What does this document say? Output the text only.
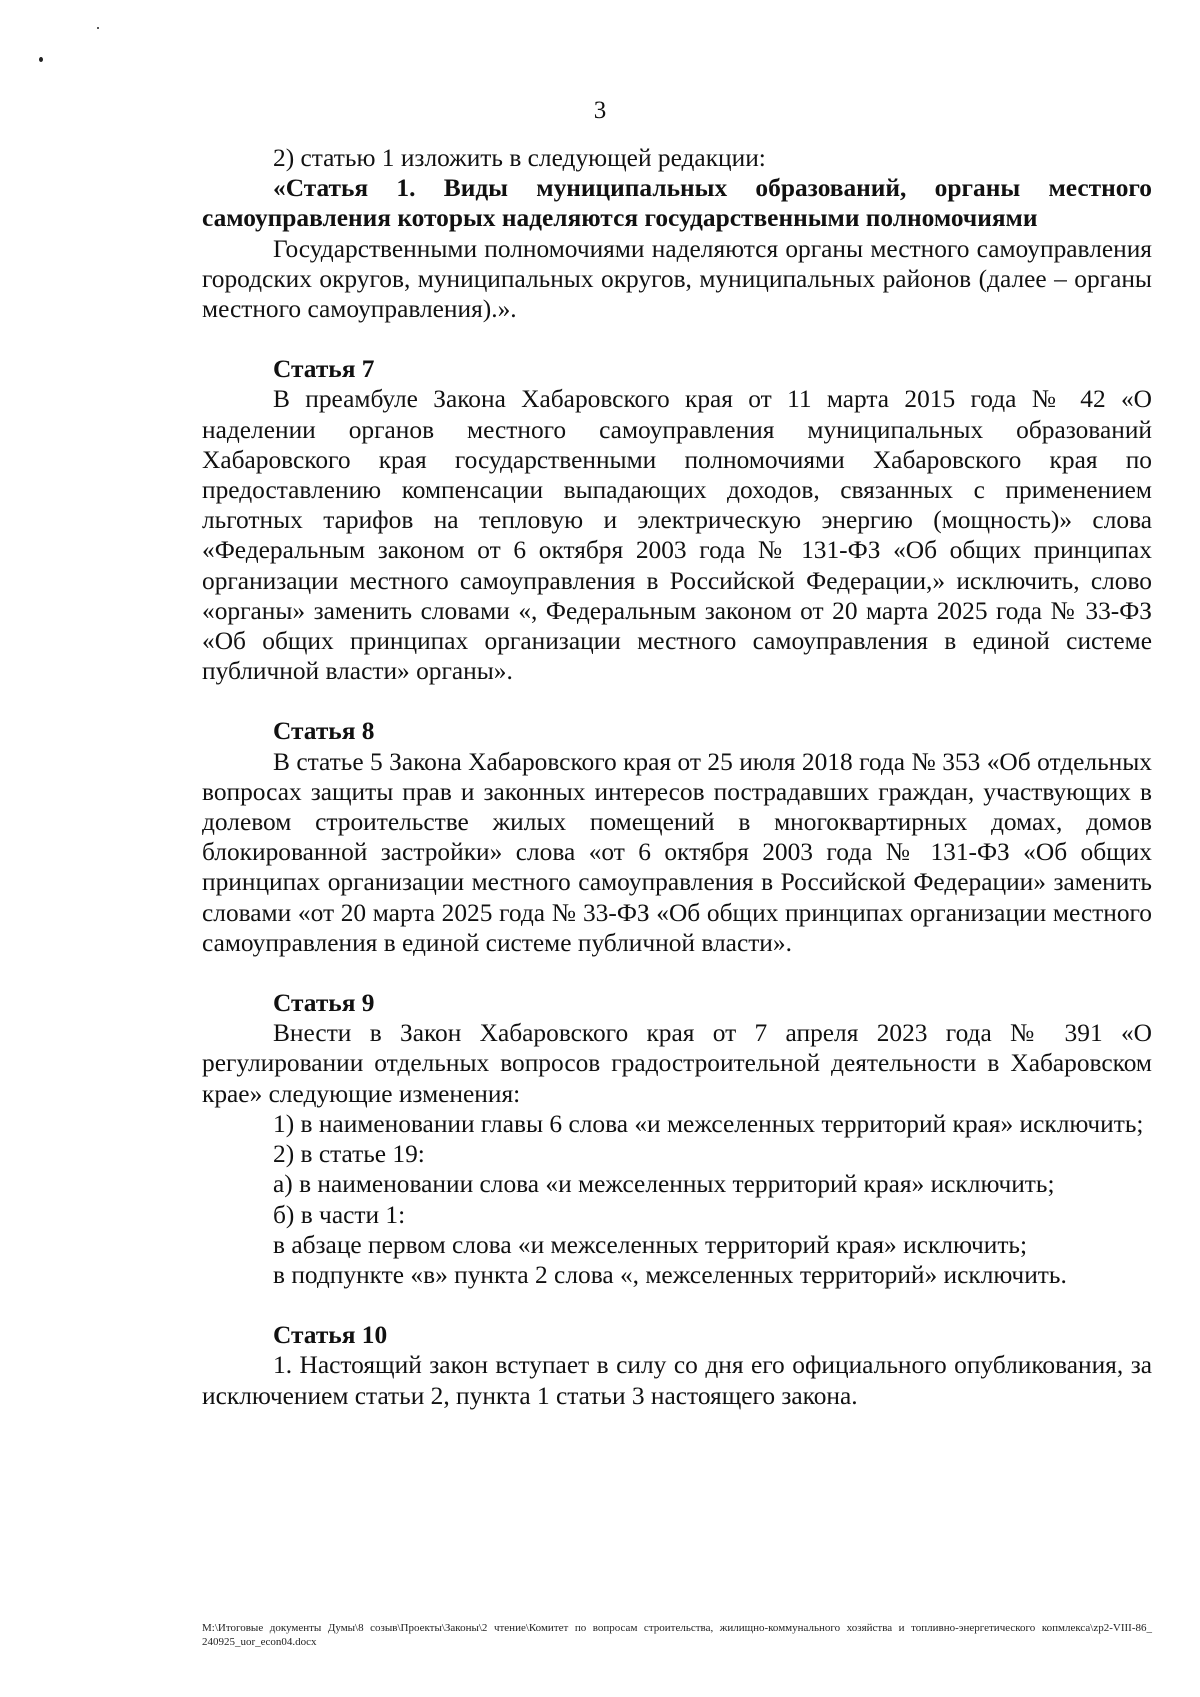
3

2) статью 1 изложить в следующей редакции:

«Статья 1. Виды муниципальных образований, органы местного самоуправления которых наделяются государственными полномочиями

Государственными полномочиями наделяются органы местного самоуправления городских округов, муниципальных округов, муниципальных районов (далее – органы местного самоуправления).».

Статья 7

В преамбуле Закона Хабаровского края от 11 марта 2015 года № 42 «О наделении органов местного самоуправления муниципальных образований Хабаровского края государственными полномочиями Хабаровского края по предоставлению компенсации выпадающих доходов, связанных с применением льготных тарифов на тепловую и электрическую энергию (мощность)» слова «Федеральным законом от 6 октября 2003 года № 131-ФЗ «Об общих принципах организации местного самоуправления в Российской Федерации,» исключить, слово «органы» заменить словами «, Федеральным законом от 20 марта 2025 года № 33-ФЗ «Об общих принципах организации местного самоуправления в единой системе публичной власти» органы».

Статья 8

В статье 5 Закона Хабаровского края от 25 июля 2018 года № 353 «Об отдельных вопросах защиты прав и законных интересов пострадавших граждан, участвующих в долевом строительстве жилых помещений в многоквартирных домах, домов блокированной застройки» слова «от 6 октября 2003 года № 131-ФЗ «Об общих принципах организации местного самоуправления в Российской Федерации» заменить словами «от 20 марта 2025 года № 33-ФЗ «Об общих принципах организации местного самоуправления в единой системе публичной власти».

Статья 9

Внести в Закон Хабаровского края от 7 апреля 2023 года № 391 «О регулировании отдельных вопросов градостроительной деятельности в Хабаровском крае» следующие изменения:

1) в наименовании главы 6 слова «и межселенных территорий края» исключить;

2) в статье 19:

а) в наименовании слова «и межселенных территорий края» исключить;

б) в части 1:

в абзаце первом слова «и межселенных территорий края» исключить;

в подпункте «в» пункта 2 слова «, межселенных территорий» исключить.

Статья 10

1. Настоящий закон вступает в силу со дня его официального опубликования, за исключением статьи 2, пункта 1 статьи 3 настоящего закона.

M:\Итоговые документы Думы\8 созыв\Проекты\Законы\2 чтение\Комитет по вопросам строительства, жилищно-коммунального хозяйства и топливно-энергетического копмлекса\zp2-VIII-86_ 240925_uor_econ04.docx
